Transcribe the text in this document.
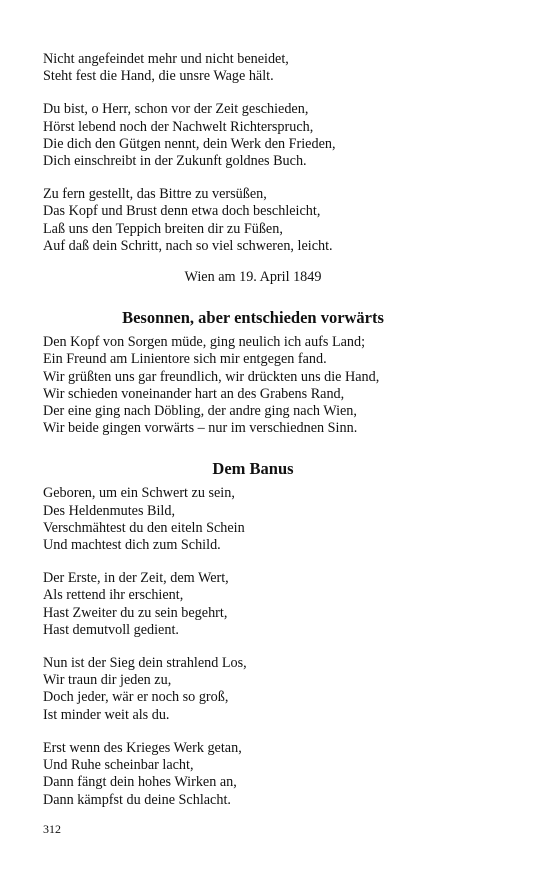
Nicht angefeindet mehr und nicht beneidet,
Steht fest die Hand, die unsre Wage hält.
Du bist, o Herr, schon vor der Zeit geschieden,
Hörst lebend noch der Nachwelt Richterspruch,
Die dich den Gütgen nennt, dein Werk den Frieden,
Dich einschreibt in der Zukunft goldnes Buch.
Zu fern gestellt, das Bittre zu versüßen,
Das Kopf und Brust denn etwa doch beschleicht,
Laß uns den Teppich breiten dir zu Füßen,
Auf daß dein Schritt, nach so viel schweren, leicht.
Wien am 19. April 1849
Besonnen, aber entschieden vorwärts
Den Kopf von Sorgen müde, ging neulich ich aufs Land;
Ein Freund am Linientore sich mir entgegen fand.
Wir grüßten uns gar freundlich, wir drückten uns die Hand,
Wir schieden voneinander hart an des Grabens Rand,
Der eine ging nach Döbling, der andre ging nach Wien,
Wir beide gingen vorwärts – nur im verschiednen Sinn.
Dem Banus
Geboren, um ein Schwert zu sein,
Des Heldenmutes Bild,
Verschmähtest du den eiteln Schein
Und machtest dich zum Schild.
Der Erste, in der Zeit, dem Wert,
Als rettend ihr erschient,
Hast Zweiter du zu sein begehrt,
Hast demutvoll gedient.
Nun ist der Sieg dein strahlend Los,
Wir traun dir jeden zu,
Doch jeder, wär er noch so groß,
Ist minder weit als du.
Erst wenn des Krieges Werk getan,
Und Ruhe scheinbar lacht,
Dann fängt dein hohes Wirken an,
Dann kämpfst du deine Schlacht.
312
